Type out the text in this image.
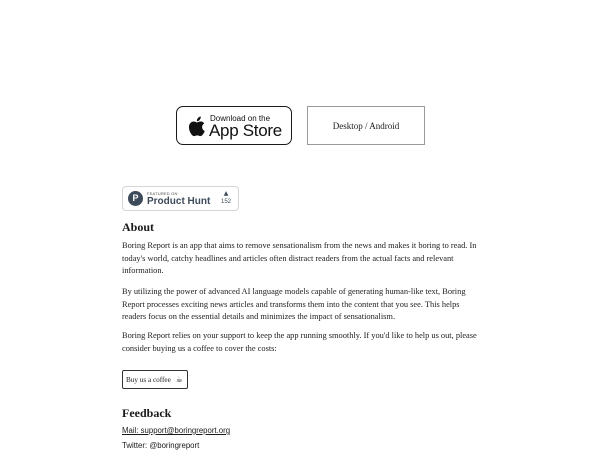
Download on the
App Store	Desktop / Android
P	FEATURED ON
Product Hunt
▲
152
About

Boring Report is an app that aims to remove sensationalism from the news and makes it boring to read. In today's world, catchy headlines and articles often distract readers from the actual facts and relevant information.

By utilizing the power of advanced AI language models capable of generating human-like text, Boring Report processes exciting news articles and transforms them into the content that you see. This helps readers focus on the essential details and minimizes the impact of sensationalism.

Boring Report relies on your support to keep the app running smoothly. If you'd like to help us out, please consider buying us a coffee to cover the costs:

Buy us a coffee ☕
Feedback
Mail: support@boringreport.org
Twitter: @boringreport
